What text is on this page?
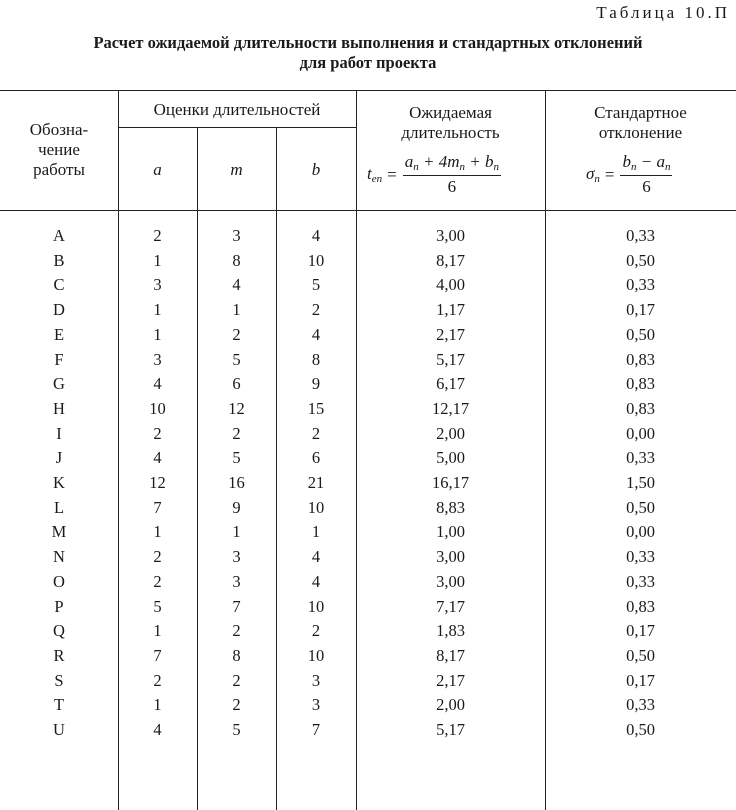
Таблица 10.П
Расчет ожидаемой длительности выполнения и стандартных отклонений
для работ проекта
Обозна-
чение
работы
Оценки длительностей
a	m	b
Ожидаемая
длительность
$t_{en} = \frac{a_n + 4m_n + b_n}{6}$
Стандартное
отклонение
$\sigma_n = \frac{b_n - a_n}{6}$
A	2	3	4	3,00	0,33
B	1	8	10	8,17	0,50
C	3	4	5	4,00	0,33
D	1	1	2	1,17	0,17
E	1	2	4	2,17	0,50
F	3	5	8	5,17	0,83
G	4	6	9	6,17	0,83
H	10	12	15	12,17	0,83
I	2	2	2	2,00	0,00
J	4	5	6	5,00	0,33
K	12	16	21	16,17	1,50
L	7	9	10	8,83	0,50
M	1	1	1	1,00	0,00
N	2	3	4	3,00	0,33
O	2	3	4	3,00	0,33
P	5	7	10	7,17	0,83
Q	1	2	2	1,83	0,17
R	7	8	10	8,17	0,50
S	2	2	3	2,17	0,17
T	1	2	3	2,00	0,33
U	4	5	7	5,17	0,50
